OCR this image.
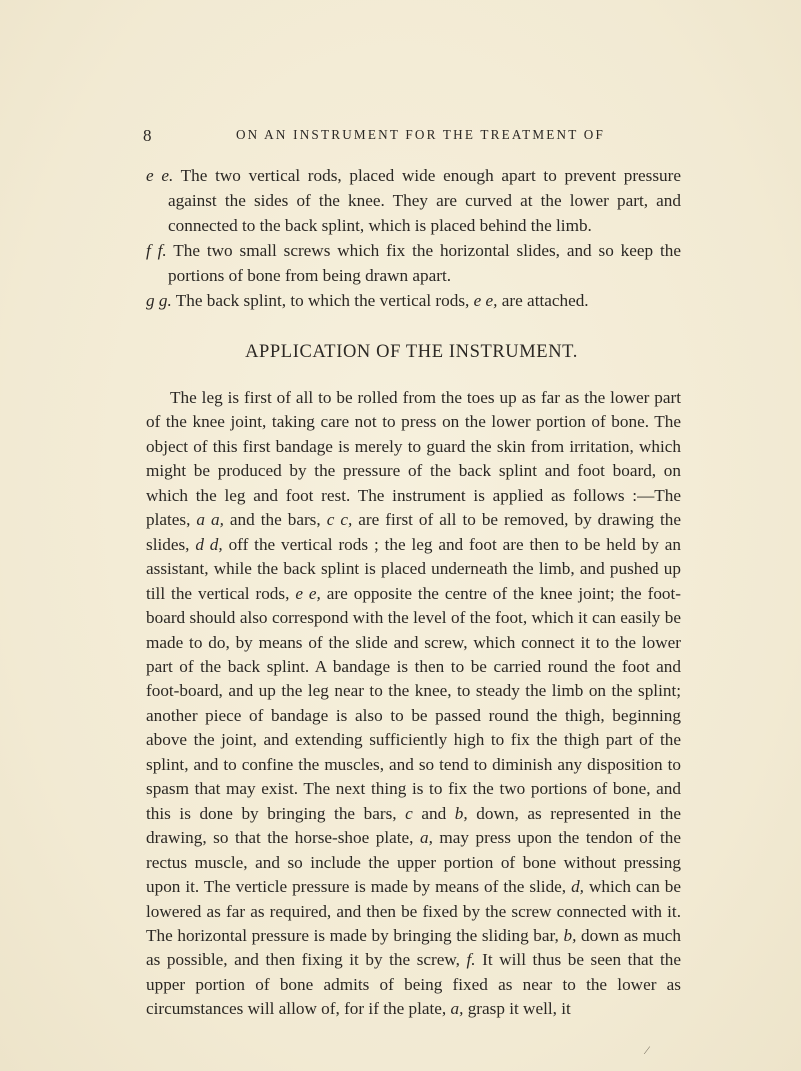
8	ON AN INSTRUMENT FOR THE TREATMENT OF
e e. The two vertical rods, placed wide enough apart to prevent pressure against the sides of the knee. They are curved at the lower part, and connected to the back splint, which is placed behind the limb.
f f. The two small screws which fix the horizontal slides, and so keep the portions of bone from being drawn apart.
g g. The back splint, to which the vertical rods, e e, are attached.
APPLICATION OF THE INSTRUMENT.

The leg is first of all to be rolled from the toes up as far as the lower part of the knee joint, taking care not to press on the lower portion of bone. The object of this first bandage is merely to guard the skin from irritation, which might be produced by the pressure of the back splint and foot board, on which the leg and foot rest. The instrument is applied as follows :—The plates, a a, and the bars, c c, are first of all to be removed, by drawing the slides, d d, off the vertical rods ; the leg and foot are then to be held by an assistant, while the back splint is placed underneath the limb, and pushed up till the vertical rods, e e, are opposite the centre of the knee joint; the foot-board should also correspond with the level of the foot, which it can easily be made to do, by means of the slide and screw, which connect it to the lower part of the back splint. A bandage is then to be carried round the foot and foot-board, and up the leg near to the knee, to steady the limb on the splint; another piece of bandage is also to be passed round the thigh, beginning above the joint, and extending sufficiently high to fix the thigh part of the splint, and to confine the muscles, and so tend to diminish any disposition to spasm that may exist. The next thing is to fix the two portions of bone, and this is done by bringing the bars, c and b, down, as represented in the drawing, so that the horse-shoe plate, a, may press upon the tendon of the rectus muscle, and so include the upper portion of bone without pressing upon it. The verticle pressure is made by means of the slide, d, which can be lowered as far as required, and then be fixed by the screw connected with it. The horizontal pressure is made by bringing the sliding bar, b, down as much as possible, and then fixing it by the screw, f. It will thus be seen that the upper portion of bone admits of being fixed as near to the lower as circumstances will allow of, for if the plate, a, grasp it well, it

⁄
